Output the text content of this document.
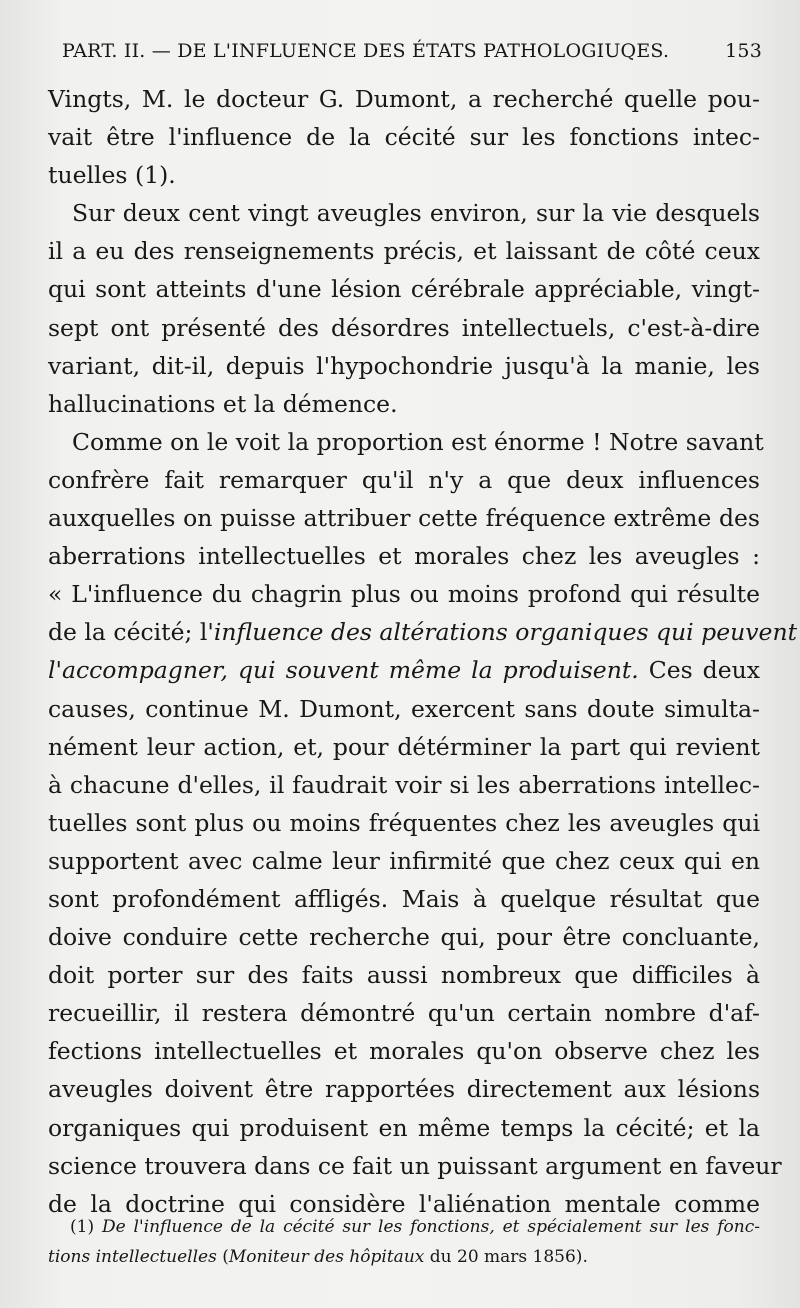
PART. II. — DE L'INFLUENCE DES ÉTATS PATHOLOGIUQES.	153
Vingts, M. le docteur G. Dumont, a recherché quelle pou-
vait être l'influence de la cécité sur les fonctions intec-
tuelles (1).
Sur deux cent vingt aveugles environ, sur la vie desquels
il a eu des renseignements précis, et laissant de côté ceux
qui sont atteints d'une lésion cérébrale appréciable, vingt-
sept ont présenté des désordres intellectuels, c'est-à-dire
variant, dit-il, depuis l'hypochondrie jusqu'à la manie, les
hallucinations et la démence.
Comme on le voit la proportion est énorme ! Notre savant
confrère fait remarquer qu'il n'y a que deux influences
auxquelles on puisse attribuer cette fréquence extrême des
aberrations intellectuelles et morales chez les aveugles :
« L'influence du chagrin plus ou moins profond qui résulte
de la cécité; l'influence des altérations organiques qui peuvent
l'accompagner, qui souvent même la produisent. Ces deux
causes, continue M. Dumont, exercent sans doute simulta-
nément leur action, et, pour détérminer la part qui revient
à chacune d'elles, il faudrait voir si les aberrations intellec-
tuelles sont plus ou moins fréquentes chez les aveugles qui
supportent avec calme leur infirmité que chez ceux qui en
sont profondément affligés. Mais à quelque résultat que
doive conduire cette recherche qui, pour être concluante,
doit porter sur des faits aussi nombreux que difficiles à
recueillir, il restera démontré qu'un certain nombre d'af-
fections intellectuelles et morales qu'on observe chez les
aveugles doivent être rapportées directement aux lésions
organiques qui produisent en même temps la cécité; et la
science trouvera dans ce fait un puissant argument en faveur
de la doctrine qui considère l'aliénation mentale comme
(1) De l'influence de la cécité sur les fonctions, et spécialement sur les fonc-
tions intellectuelles (Moniteur des hôpitaux du 20 mars 1856).
